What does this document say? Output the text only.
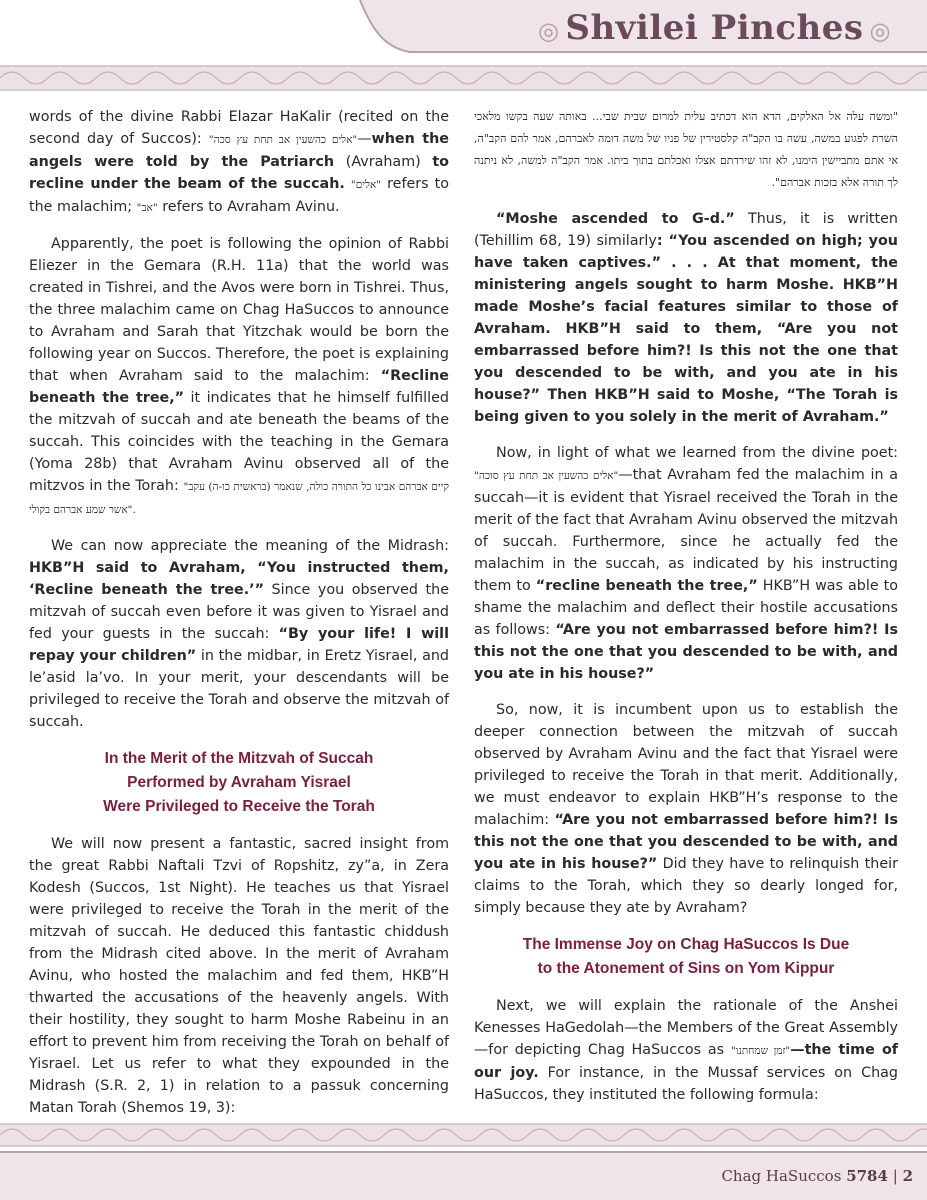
◎ Shvilei Pinches ◎

words of the divine Rabbi Elazar HaKalir (recited on the second day of Succos): "אלים כהשעין אב תחת עץ סכה"—when the angels were told by the Patriarch (Avraham) to recline under the beam of the succah. "אלים" refers to the malachim; "אב" refers to Avraham Avinu.

Apparently, the poet is following the opinion of Rabbi Eliezer in the Gemara (R.H. 11a) that the world was created in Tishrei, and the Avos were born in Tishrei. Thus, the three malachim came on Chag HaSuccos to announce to Avraham and Sarah that Yitzchak would be born the following year on Succos. Therefore, the poet is explaining that when Avraham said to the malachim: “Recline beneath the tree,” it indicates that he himself fulfilled the mitzvah of succah and ate beneath the beams of the succah. This coincides with the teaching in the Gemara (Yoma 28b) that Avraham Avinu observed all of the mitzvos in the Torah: "קיים אברהם אבינו כל התורה כולה, שנאמר (בראשית כו-ה) עקב אשר שמע אברהם בקולי".

We can now appreciate the meaning of the Midrash: HKB”H said to Avraham, “You instructed them, ‘Recline beneath the tree.’” Since you observed the mitzvah of succah even before it was given to Yisrael and fed your guests in the succah: “By your life! I will repay your children” in the midbar, in Eretz Yisrael, and le’asid la’vo. In your merit, your descendants will be privileged to receive the Torah and observe the mitzvah of succah.

In the Merit of the Mitzvah of Succah
Performed by Avraham Yisrael
Were Privileged to Receive the Torah

We will now present a fantastic, sacred insight from the great Rabbi Naftali Tzvi of Ropshitz, zy”a, in Zera Kodesh (Succos, 1st Night). He teaches us that Yisrael were privileged to receive the Torah in the merit of the mitzvah of succah. He deduced this fantastic chiddush from the Midrash cited above. In the merit of Avraham Avinu, who hosted the malachim and fed them, HKB”H thwarted the accusations of the heavenly angels. With their hostility, they sought to harm Moshe Rabeinu in an effort to prevent him from receiving the Torah on behalf of Yisrael. Let us refer to what they expounded in the Midrash (S.R. 2, 1) in relation to a passuk concerning Matan Torah (Shemos 19, 3):

"ומשה עלה אל האלקים, הדא הוא דכתיב עלית למרום שבית שבי... באותה שעה בקשו מלאכי השרת לפגוע במשה, עשה בו הקב"ה קלסטירין של פניו של משה דומה לאברהם, אמר להם הקב"ה, אי אתם מתביישין הימנו, לא זהו שירדתם אצלו ואכלתם בתוך ביתו. אמר הקב"ה למשה, לא ניתנה לך תורה אלא בזכות אברהם".

“Moshe ascended to G-d.” Thus, it is written (Tehillim 68, 19) similarly: “You ascended on high; you have taken captives.” . . . At that moment, the ministering angels sought to harm Moshe. HKB”H made Moshe’s facial features similar to those of Avraham. HKB”H said to them, “Are you not embarrassed before him?! Is this not the one that you descended to be with, and you ate in his house?” Then HKB”H said to Moshe, “The Torah is being given to you solely in the merit of Avraham.”

Now, in light of what we learned from the divine poet: "אלים כהשעין אב תחת עץ סוכה"—that Avraham fed the malachim in a succah—it is evident that Yisrael received the Torah in the merit of the fact that Avraham Avinu observed the mitzvah of succah. Furthermore, since he actually fed the malachim in the succah, as indicated by his instructing them to “recline beneath the tree,” HKB”H was able to shame the malachim and deflect their hostile accusations as follows: “Are you not embarrassed before him?! Is this not the one that you descended to be with, and you ate in his house?”

So, now, it is incumbent upon us to establish the deeper connection between the mitzvah of succah observed by Avraham Avinu and the fact that Yisrael were privileged to receive the Torah in that merit. Additionally, we must endeavor to explain HKB”H’s response to the malachim: “Are you not embarrassed before him?! Is this not the one that you descended to be with, and you ate in his house?” Did they have to relinquish their claims to the Torah, which they so dearly longed for, simply because they ate by Avraham?

The Immense Joy on Chag HaSuccos Is Due
to the Atonement of Sins on Yom Kippur

Next, we will explain the rationale of the Anshei Kenesses HaGedolah—the Members of the Great Assembly—for depicting Chag HaSuccos as "זמן שמחתנו"—the time of our joy. For instance, in the Mussaf services on Chag HaSuccos, they instituted the following formula:

Chag HaSuccos 5784 | 2
